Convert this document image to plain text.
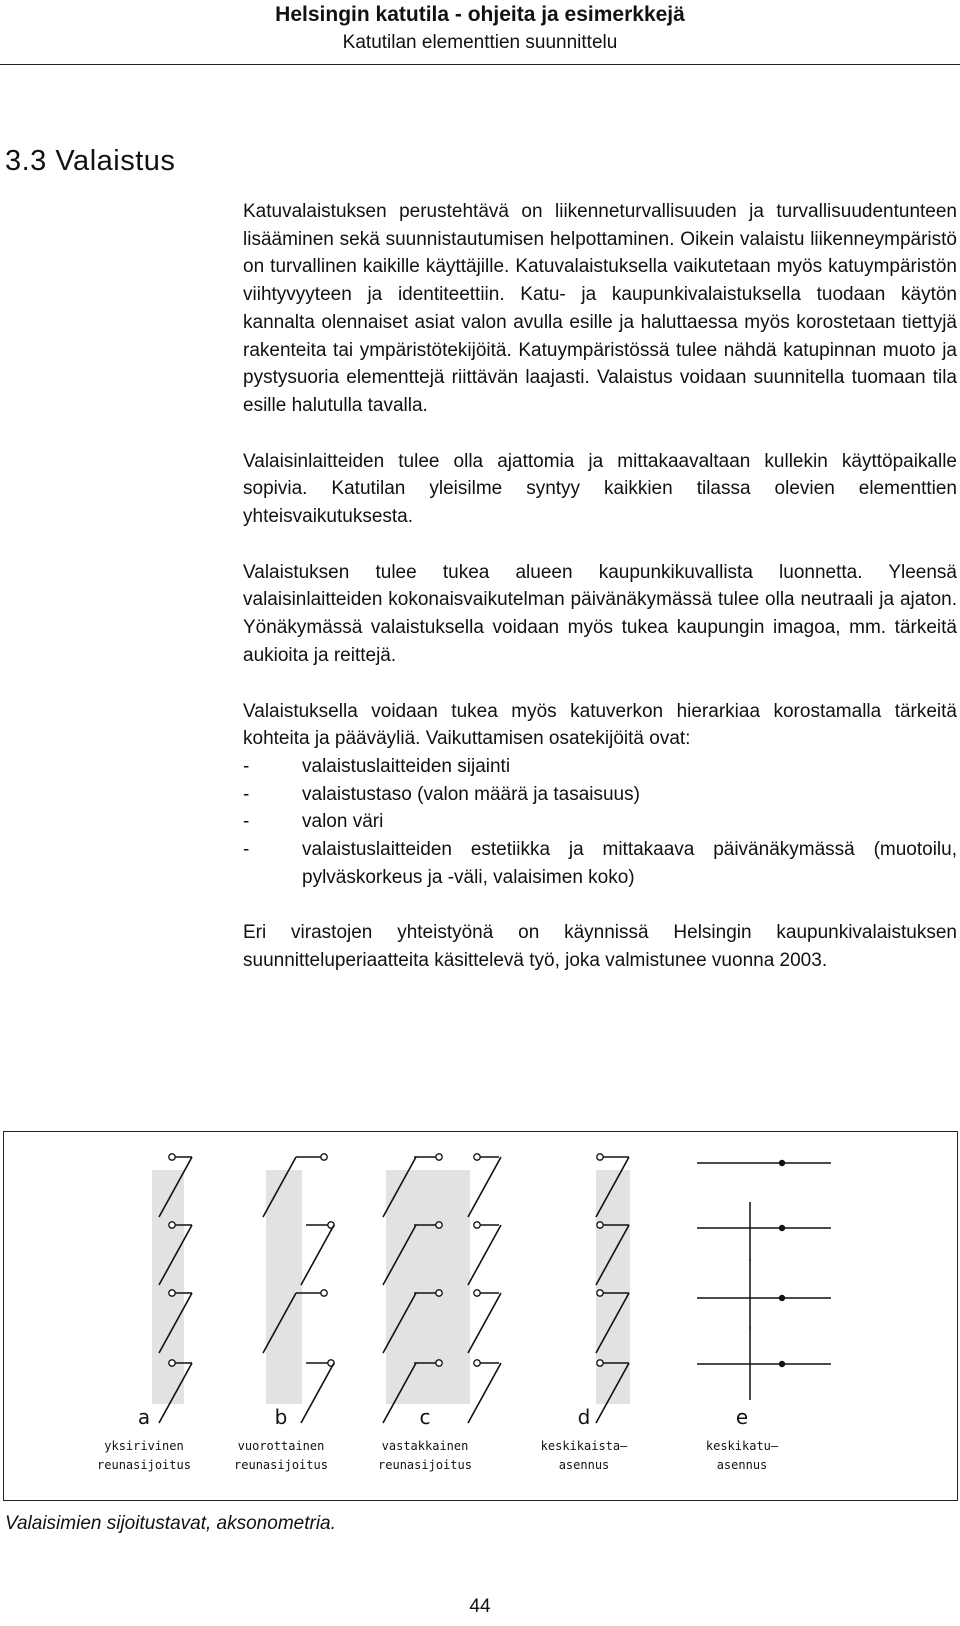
Helsingin katutila - ohjeita ja esimerkkejä
Katutilan elementtien suunnittelu
3.3 Valaistus

Katuvalaistuksen perustehtävä on liikenneturvallisuuden ja turvallisuudentunteen lisääminen sekä suunnistautumisen helpottaminen. Oikein valaistu liikenneympäristö on turvallinen kaikille käyttäjille. Katuvalaistuksella vaikutetaan myös katuympäristön viihtyvyyteen ja identiteettiin. Katu- ja kaupunkivalaistuksella tuodaan käytön kannalta olennaiset asiat valon avulla esille ja haluttaessa myös korostetaan tiettyjä rakenteita tai ympäristötekijöitä. Katuympäristössä tulee nähdä katupinnan muoto ja pystysuoria elementtejä riittävän laajasti. Valaistus voidaan suunnitella tuomaan tila esille halutulla tavalla.

Valaisinlaitteiden tulee olla ajattomia ja mittakaavaltaan kullekin käyttöpaikalle sopivia. Katutilan yleisilme syntyy kaikkien tilassa olevien elementtien yhteisvaikutuksesta.

Valaistuksen tulee tukea alueen kaupunkikuvallista luonnetta. Yleensä valaisinlaitteiden kokonaisvaikutelman päivänäkymässä tulee olla neutraali ja ajaton. Yönäkymässä valaistuksella voidaan myös tukea kaupungin imagoa, mm. tärkeitä aukioita ja reittejä.

Valaistuksella voidaan tukea myös katuverkon hierarkiaa korostamalla tärkeitä kohteita ja pääväyliä. Vaikuttamisen osatekijöitä ovat:

-	valaistuslaitteiden sijainti
-	valaistustaso (valon määrä ja tasaisuus)
-	valon väri
-	valaistuslaitteiden estetiikka ja mittakaava päivänäkymässä (muotoilu, pylväskorkeus ja -väli, valaisimen koko)

Eri virastojen yhteistyönä on käynnissä Helsingin kaupunkivalaistuksen suunnitteluperiaatteita käsittelevä työ, joka valmistunee vuonna 2003.

a
yksirivinen
reunasijoitus
b
vuorottainen
reunasijoitus
c
vastakkainen
reunasijoitus
d
keskikaista–
asennus
e
keskikatu–
asennus
Valaisimien sijoitustavat, aksonometria.
44
